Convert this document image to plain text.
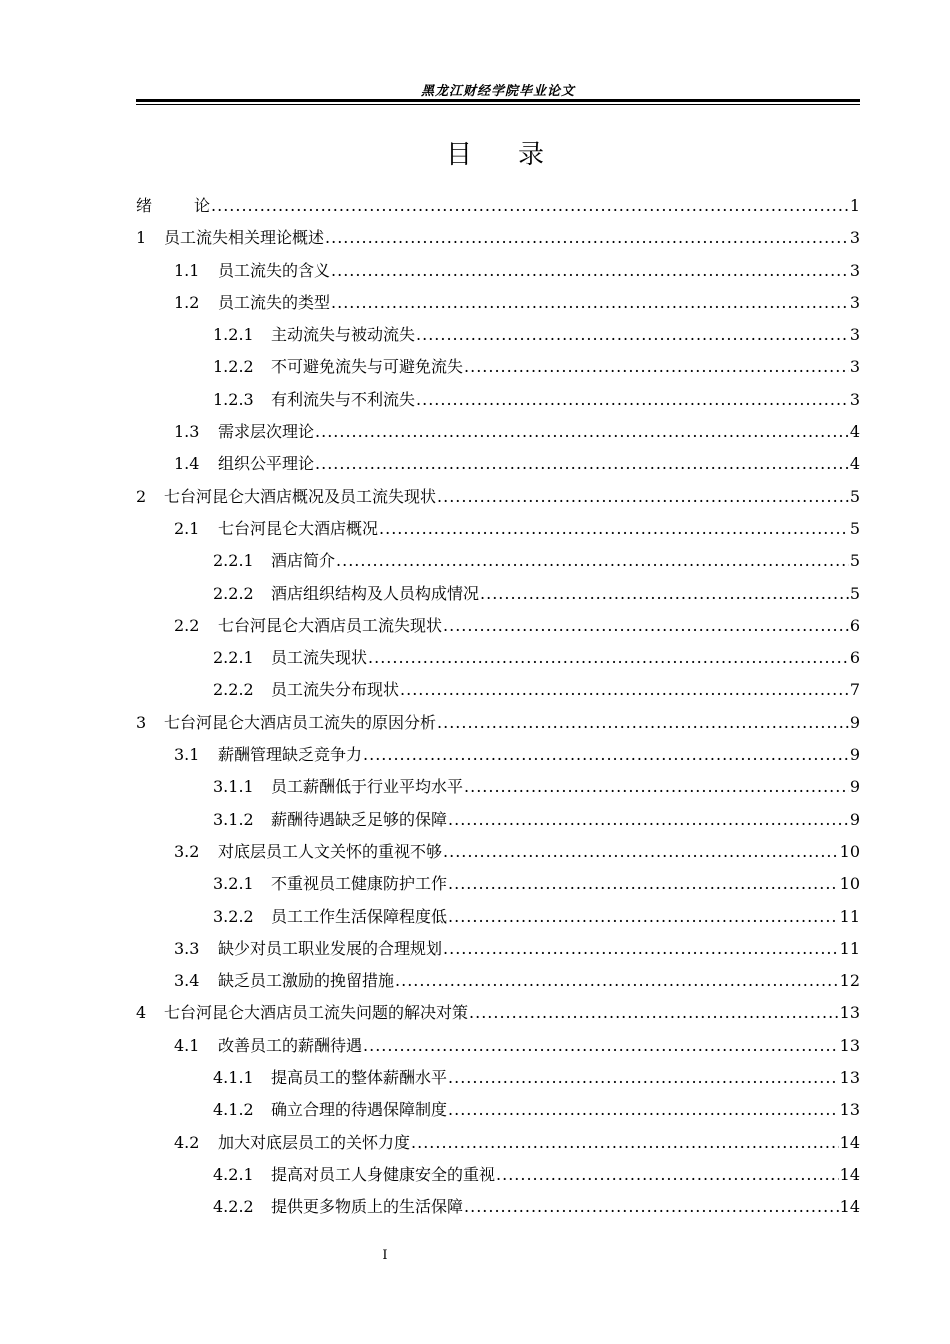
黑龙江财经学院毕业论文
目 录
绪	论 .....	1
1	员工流失相关理论概述 .....	3
1.1	员工流失的含义 .....	3
1.2	员工流失的类型 .....	3
1.2.1	主动流失与被动流失 .....	3
1.2.2	不可避免流失与可避免流失 .....	3
1.2.3	有利流失与不利流失 .....	3
1.3	需求层次理论 .....	4
1.4	组织公平理论 .....	4
2	七台河昆仑大酒店概况及员工流失现状 .....	5
2.1	七台河昆仑大酒店概况 .....	5
2.2.1	酒店简介 .....	5
2.2.2	酒店组织结构及人员构成情况 .....	5
2.2	七台河昆仑大酒店员工流失现状 .....	6
2.2.1	员工流失现状 .....	6
2.2.2	员工流失分布现状 .....	7
3	七台河昆仑大酒店员工流失的原因分析 .....	9
3.1	薪酬管理缺乏竞争力 .....	9
3.1.1	员工薪酬低于行业平均水平 .....	9
3.1.2	薪酬待遇缺乏足够的保障 .....	9
3.2	对底层员工人文关怀的重视不够 .....	10
3.2.1	不重视员工健康防护工作 .....	10
3.2.2	员工工作生活保障程度低 .....	11
3.3	缺少对员工职业发展的合理规划 .....	11
3.4	缺乏员工激励的挽留措施 .....	12
4	七台河昆仑大酒店员工流失问题的解决对策 .....	13
4.1	改善员工的薪酬待遇 .....	13
4.1.1	提高员工的整体薪酬水平 .....	13
4.1.2	确立合理的待遇保障制度 .....	13
4.2	加大对底层员工的关怀力度 .....	14
4.2.1	提高对员工人身健康安全的重视 .....	14
4.2.2	提供更多物质上的生活保障 .....	14
I
